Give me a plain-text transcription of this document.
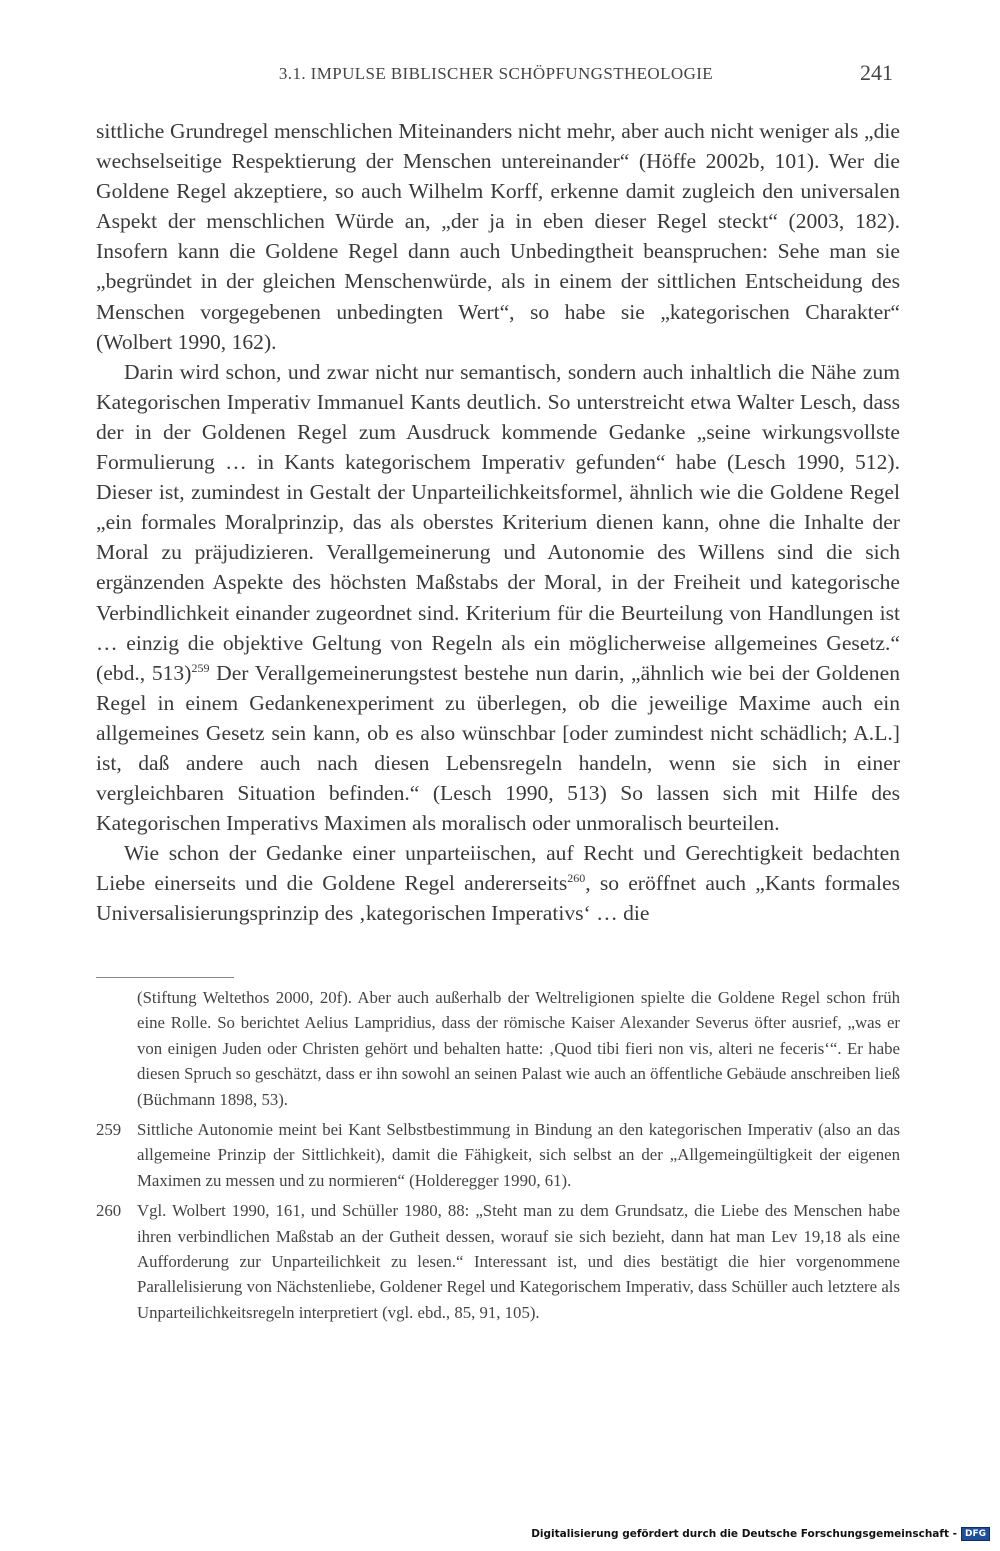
3.1. IMPULSE BIBLISCHER SCHÖPFUNGSTHEOLOGIE	241

sittliche Grundregel menschlichen Miteinanders nicht mehr, aber auch nicht weniger als „die wechselseitige Respektierung der Menschen untereinander“ (Höffe 2002b, 101). Wer die Goldene Regel akzeptiere, so auch Wilhelm Korff, erkenne damit zugleich den universalen Aspekt der menschlichen Würde an, „der ja in eben dieser Regel steckt“ (2003, 182). Insofern kann die Goldene Regel dann auch Unbedingtheit beanspruchen: Sehe man sie „begründet in der gleichen Menschenwürde, als in einem der sittlichen Entscheidung des Menschen vorgegebenen unbedingten Wert“, so habe sie „kategorischen Charakter“ (Wolbert 1990, 162).

Darin wird schon, und zwar nicht nur semantisch, sondern auch inhaltlich die Nähe zum Kategorischen Imperativ Immanuel Kants deutlich. So unterstreicht etwa Walter Lesch, dass der in der Goldenen Regel zum Ausdruck kommende Gedanke „seine wirkungsvollste Formulierung … in Kants kategorischem Imperativ gefunden“ habe (Lesch 1990, 512). Dieser ist, zumindest in Gestalt der Unparteilichkeitsformel, ähnlich wie die Goldene Regel „ein formales Moralprinzip, das als oberstes Kriterium dienen kann, ohne die Inhalte der Moral zu präjudizieren. Verallgemeinerung und Autonomie des Willens sind die sich ergänzenden Aspekte des höchsten Maßstabs der Moral, in der Freiheit und kategorische Verbindlichkeit einander zugeordnet sind. Kriterium für die Beurteilung von Handlungen ist … einzig die objektive Geltung von Regeln als ein möglicherweise allgemeines Gesetz.“ (ebd., 513)$^{259}$ Der Verallgemeinerungstest bestehe nun darin, „ähnlich wie bei der Goldenen Regel in einem Gedankenexperiment zu überlegen, ob die jeweilige Maxime auch ein allgemeines Gesetz sein kann, ob es also wünschbar [oder zumindest nicht schädlich; A.L.] ist, daß andere auch nach diesen Lebensregeln handeln, wenn sie sich in einer vergleichbaren Situation befinden.“ (Lesch 1990, 513) So lassen sich mit Hilfe des Kategorischen Imperativs Maximen als moralisch oder unmoralisch beurteilen.

Wie schon der Gedanke einer unparteiischen, auf Recht und Gerechtigkeit bedachten Liebe einerseits und die Goldene Regel andererseits$^{260}$, so eröffnet auch „Kants formales Universalisierungsprinzip des ‚kategorischen Imperativs‘ … die

(Stiftung Weltethos 2000, 20f). Aber auch außerhalb der Weltreligionen spielte die Goldene Regel schon früh eine Rolle. So berichtet Aelius Lampridius, dass der römische Kaiser Alexander Severus öfter ausrief, „was er von einigen Juden oder Christen gehört und behalten hatte: ‚Quod tibi fieri non vis, alteri ne feceris‘“. Er habe diesen Spruch so geschätzt, dass er ihn sowohl an seinen Palast wie auch an öffentliche Gebäude anschreiben ließ (Büchmann 1898, 53).
259 Sittliche Autonomie meint bei Kant Selbstbestimmung in Bindung an den kategorischen Imperativ (also an das allgemeine Prinzip der Sittlichkeit), damit die Fähigkeit, sich selbst an der „Allgemeingültigkeit der eigenen Maximen zu messen und zu normieren“ (Holderegger 1990, 61).
260 Vgl. Wolbert 1990, 161, und Schüller 1980, 88: „Steht man zu dem Grundsatz, die Liebe des Menschen habe ihren verbindlichen Maßstab an der Gutheit dessen, worauf sie sich bezieht, dann hat man Lev 19,18 als eine Aufforderung zur Unparteilichkeit zu lesen.“ Interessant ist, und dies bestätigt die hier vorgenommene Parallelisierung von Nächstenliebe, Goldener Regel und Kategorischem Imperativ, dass Schüller auch letztere als Unparteilichkeitsregeln interpretiert (vgl. ebd., 85, 91, 105).
Digitalisierung gefördert durch die Deutsche Forschungsgemeinschaft - DFG
